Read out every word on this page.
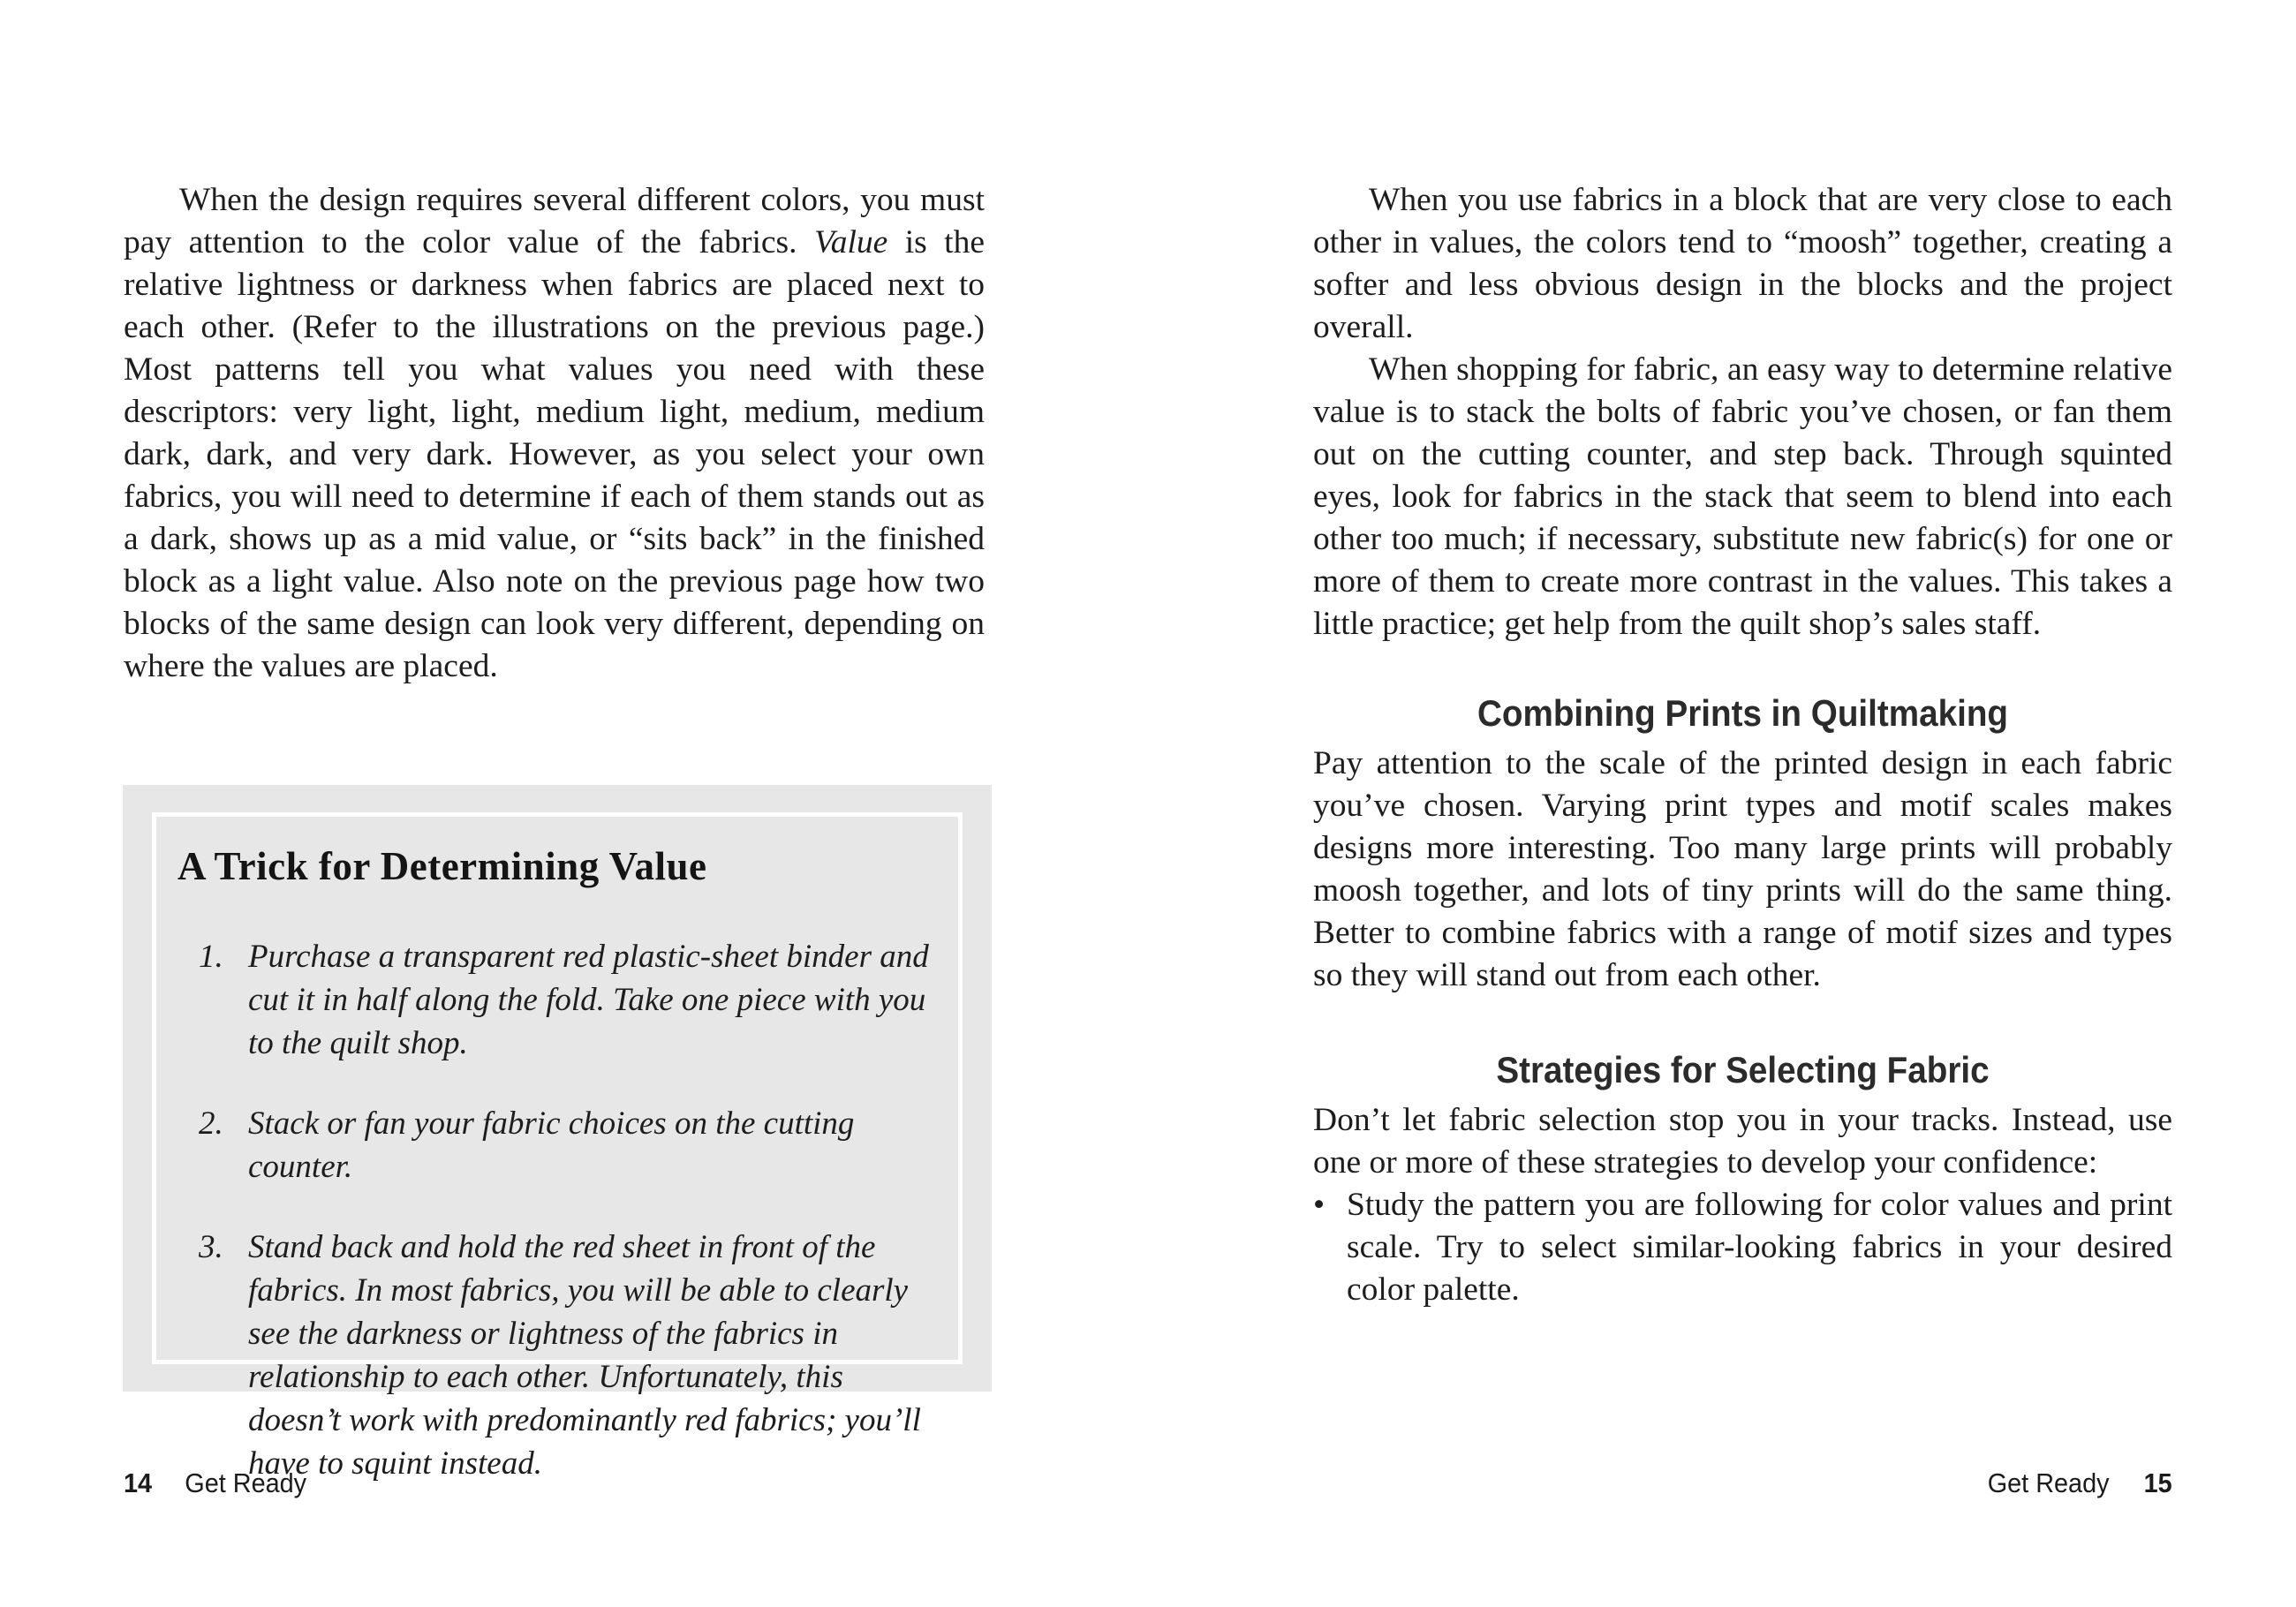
When the design requires several different colors, you must pay attention to the color value of the fabrics. Value is the relative lightness or darkness when fabrics are placed next to each other. (Refer to the illustrations on the previous page.) Most patterns tell you what values you need with these descriptors: very light, light, medium light, medium, medium dark, dark, and very dark. However, as you select your own fabrics, you will need to determine if each of them stands out as a dark, shows up as a mid value, or “sits back” in the finished block as a light value. Also note on the previous page how two blocks of the same design can look very different, depending on where the values are placed.

A Trick for Determining Value
1. Purchase a transparent red plastic-sheet binder and cut it in half along the fold. Take one piece with you to the quilt shop.
2. Stack or fan your fabric choices on the cutting counter.
3. Stand back and hold the red sheet in front of the fabrics. In most fabrics, you will be able to clearly see the darkness or lightness of the fabrics in relationship to each other. Unfortunately, this doesn’t work with predominantly red fabrics; you’ll have to squint instead.
14 Get Ready

When you use fabrics in a block that are very close to each other in values, the colors tend to “moosh” together, creating a softer and less obvious design in the blocks and the project overall.

When shopping for fabric, an easy way to determine relative value is to stack the bolts of fabric you’ve chosen, or fan them out on the cutting counter, and step back. Through squinted eyes, look for fabrics in the stack that seem to blend into each other too much; if necessary, substitute new fabric(s) for one or more of them to create more contrast in the values. This takes a little practice; get help from the quilt shop’s sales staff.

Combining Prints in Quiltmaking

Pay attention to the scale of the printed design in each fabric you’ve chosen. Varying print types and motif scales makes designs more interesting. Too many large prints will probably moosh together, and lots of tiny prints will do the same thing. Better to combine fabrics with a range of motif sizes and types so they will stand out from each other.

Strategies for Selecting Fabric

Don’t let fabric selection stop you in your tracks. Instead, use one or more of these strategies to develop your confidence:

• Study the pattern you are following for color values and print scale. Try to select similar-looking fabrics in your desired color palette.

Get Ready 15
